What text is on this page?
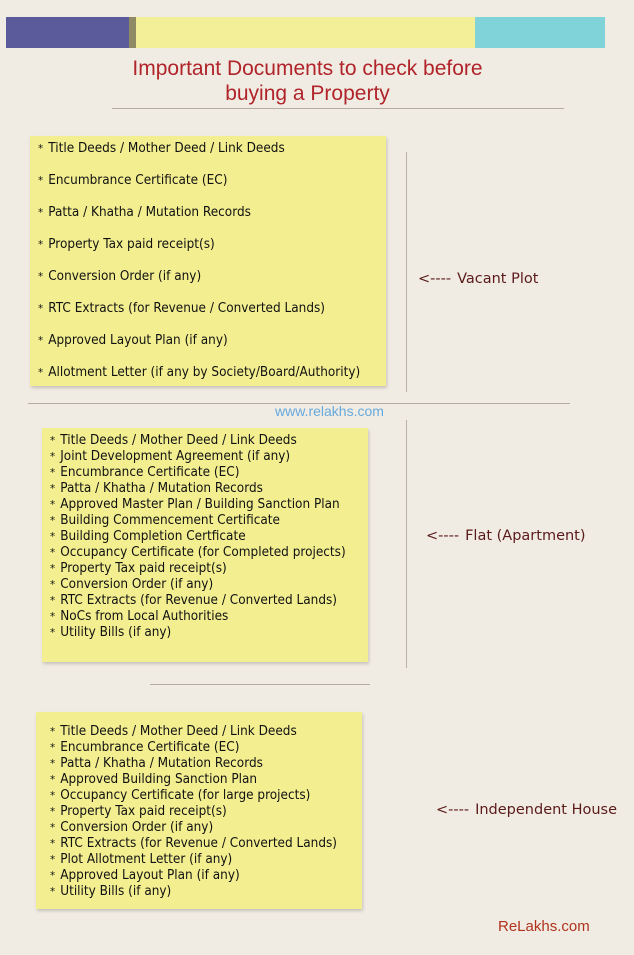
Important Documents to check before
buying a Property
* Title Deeds / Mother Deed / Link Deeds
* Encumbrance Certificate (EC)
* Patta / Khatha / Mutation Records
* Property Tax paid receipt(s)
* Conversion Order (if any)
* RTC Extracts (for Revenue / Converted Lands)
* Approved Layout Plan (if any)
* Allotment Letter (if any by Society/Board/Authority)
<---- Vacant Plot
www.relakhs.com
* Title Deeds / Mother Deed / Link Deeds
* Joint Development Agreement (if any)
* Encumbrance Certificate (EC)
* Patta / Khatha / Mutation Records
* Approved Master Plan / Building Sanction Plan
* Building Commencement Certificate
* Building Completion Certficate
* Occupancy Certificate (for Completed projects)
* Property Tax paid receipt(s)
* Conversion Order (if any)
* RTC Extracts (for Revenue / Converted Lands)
* NoCs from Local Authorities
* Utility Bills (if any)
<---- Flat (Apartment)
* Title Deeds / Mother Deed / Link Deeds
* Encumbrance Certificate (EC)
* Patta / Khatha / Mutation Records
* Approved Building Sanction Plan
* Occupancy Certificate (for large projects)
* Property Tax paid receipt(s)
* Conversion Order (if any)
* RTC Extracts (for Revenue / Converted Lands)
* Plot Allotment Letter (if any)
* Approved Layout Plan (if any)
* Utility Bills (if any)
<---- Independent House
ReLakhs.com
